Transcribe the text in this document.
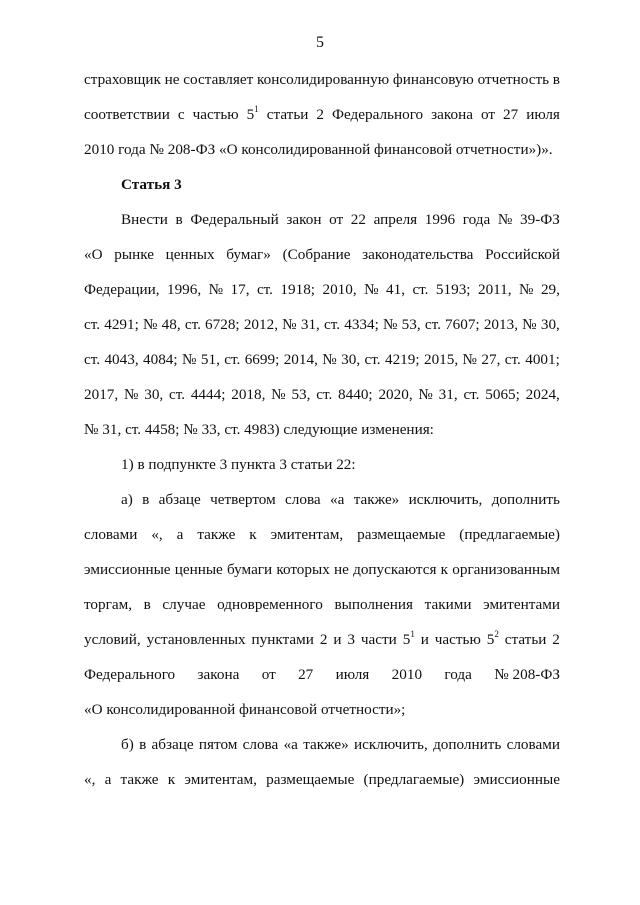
5
страховщик не составляет консолидированную финансовую отчетность в
соответствии с частью $5^1$ статьи 2 Федерального закона от 27 июля
2010 года № 208-ФЗ «О консолидированной финансовой отчетности»)».
Статья 3
Внести в Федеральный закон от 22 апреля 1996 года № 39-ФЗ
«О рынке ценных бумаг» (Собрание законодательства Российской
Федерации, 1996, № 17, ст. 1918; 2010, № 41, ст. 5193; 2011, № 29,
ст. 4291; № 48, ст. 6728; 2012, № 31, ст. 4334; № 53, ст. 7607; 2013, № 30,
ст. 4043, 4084; № 51, ст. 6699; 2014, № 30, ст. 4219; 2015, № 27, ст. 4001;
2017, № 30, ст. 4444; 2018, № 53, ст. 8440; 2020, № 31, ст. 5065; 2024,
№ 31, ст. 4458; № 33, ст. 4983) следующие изменения:
1) в подпункте 3 пункта 3 статьи 22:
а) в абзаце четвертом слова «а также» исключить, дополнить
словами «, а также к эмитентам, размещаемые (предлагаемые)
эмиссионные ценные бумаги которых не допускаются к организованным
торгам, в случае одновременного выполнения такими эмитентами
условий, установленных пунктами 2 и 3 части $5^1$ и частью $5^2$ статьи 2
Федерального закона от 27 июля 2010 года № 208-ФЗ
«О консолидированной финансовой отчетности»;
б) в абзаце пятом слова «а также» исключить, дополнить словами
«, а также к эмитентам, размещаемые (предлагаемые) эмиссионные
